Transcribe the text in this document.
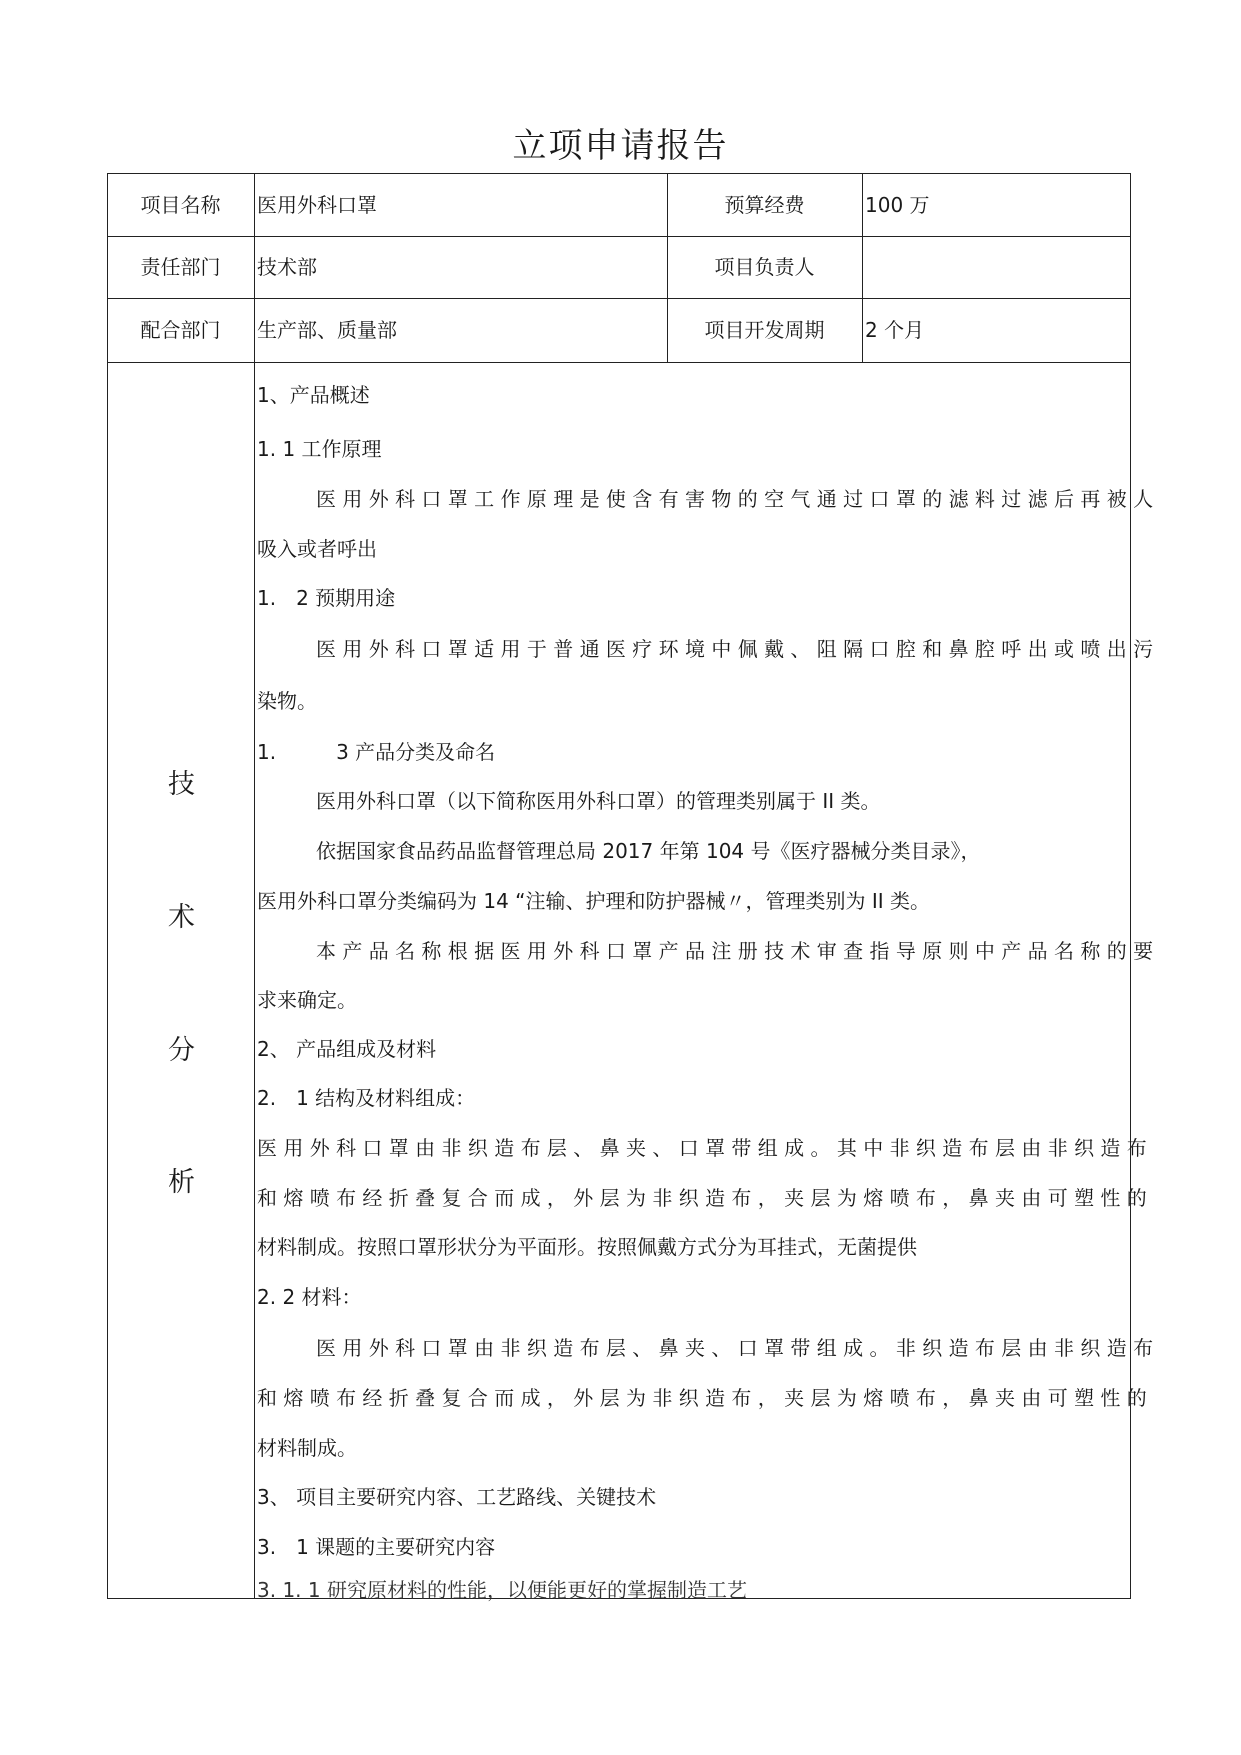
立项申请报告
项目名称	医用外科口罩	预算经费	100 万
责任部门	技术部	项目负责人
配合部门	生产部、质量部	项目开发周期	2 个月
技
术
分
析
1、产品概述
1. 1 工作原理
医 用 外 科 口 罩 工 作 原 理 是 使 含 有 害 物 的 空 气 通 过 口 罩 的 滤 料 过 滤 后 再 被 人
吸入或者呼出
1.　2 预期用途
医 用 外 科 口 罩 适 用 于 普 通 医 疗 环 境 中 佩 戴 、 阻 隔 口 腔 和 鼻 腔 呼 出 或 喷 出 污
染物。
1.　　　3 产品分类及命名
医用外科口罩（以下简称医用外科口罩）的管理类别属于 II 类。
依据国家食品药品监督管理总局 2017 年第 104 号《医疗器械分类目录》，
医用外科口罩分类编码为 14 “注输、护理和防护器械〃，管理类别为 II 类。
本 产 品 名 称 根 据 医 用 外 科 口 罩 产 品 注 册 技 术 审 查 指 导 原 则 中 产 品 名 称 的 要
求来确定。
2、 产品组成及材料
2.　1 结构及材料组成：
医 用 外 科 口 罩 由 非 织 造 布 层 、 鼻 夹 、 口 罩 带 组 成 。 其 中 非 织 造 布 层 由 非 织 造 布
和 熔 喷 布 经 折 叠 复 合 而 成 ， 外 层 为 非 织 造 布 ， 夹 层 为 熔 喷 布 ， 鼻 夹 由 可 塑 性 的
材料制成。按照口罩形状分为平面形。按照佩戴方式分为耳挂式，无菌提供
2. 2 材料：
医 用 外 科 口 罩 由 非 织 造 布 层 、 鼻 夹 、 口 罩 带 组 成 。 非 织 造 布 层 由 非 织 造 布
和 熔 喷 布 经 折 叠 复 合 而 成 ， 外 层 为 非 织 造 布 ， 夹 层 为 熔 喷 布 ， 鼻 夹 由 可 塑 性 的
材料制成。
3、 项目主要研究内容、工艺路线、关键技术
3.　1 课题的主要研究内容
3. 1. 1 研究原材料的性能，以便能更好的掌握制造工艺
